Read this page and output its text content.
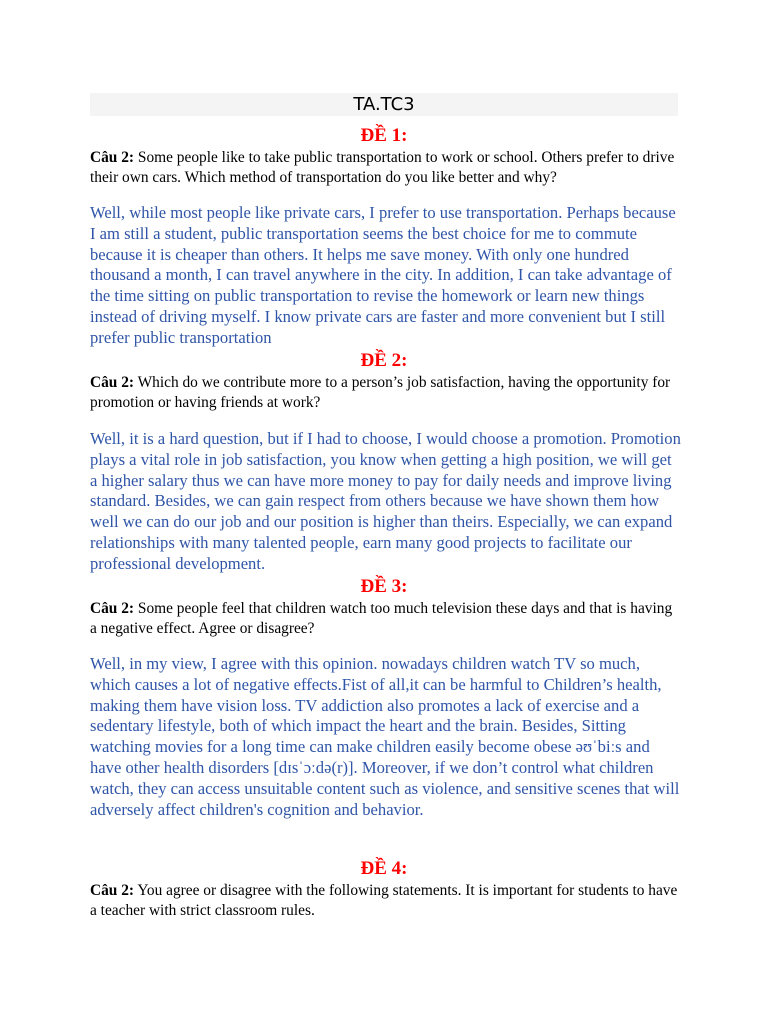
TA.TC3
ĐỀ 1:
Câu 2: Some people like to take public transportation to work or school. Others prefer to drive their own cars. Which method of transportation do you like better and why?
Well, while most people like private cars, I prefer to use transportation. Perhaps because I am still a student, public transportation seems the best choice for me to commute because it is cheaper than others. It helps me save money. With only one hundred thousand a month, I can travel anywhere in the city. In addition, I can take advantage of the time sitting on public transportation to revise the homework or learn new things instead of driving myself. I know private cars are faster and more convenient but I still prefer public transportation
ĐỀ 2:
Câu 2: Which do we contribute more to a person’s job satisfaction, having the opportunity for promotion or having friends at work?
Well, it is a hard question, but if I had to choose, I would choose a promotion. Promotion plays a vital role in job satisfaction, you know when getting a high position, we will get a higher salary thus we can have more money to pay for daily needs and improve living standard. Besides, we can gain respect from others because we have shown them how well we can do our job and our position is higher than theirs. Especially, we can expand relationships with many talented people, earn many good projects to facilitate our professional development.
ĐỀ 3:
Câu 2: Some people feel that children watch too much television these days and that is having a negative effect. Agree or disagree?
Well, in my view, I agree with this opinion. nowadays children watch TV so much, which causes a lot of negative effects.Fist of all,it can be harmful to Children’s health, making them have vision loss. TV addiction also promotes a lack of exercise and a sedentary lifestyle, both of which impact the heart and the brain. Besides, Sitting watching movies for a long time can make children easily become obese əʊˈbiːs and have other health disorders [dɪsˈɔːdə(r)]. Moreover, if we don’t control what children watch, they can access unsuitable content such as violence, and sensitive scenes that will adversely affect children's cognition and behavior.
ĐỀ 4:
Câu 2: You agree or disagree with the following statements. It is important for students to have a teacher with strict classroom rules.
